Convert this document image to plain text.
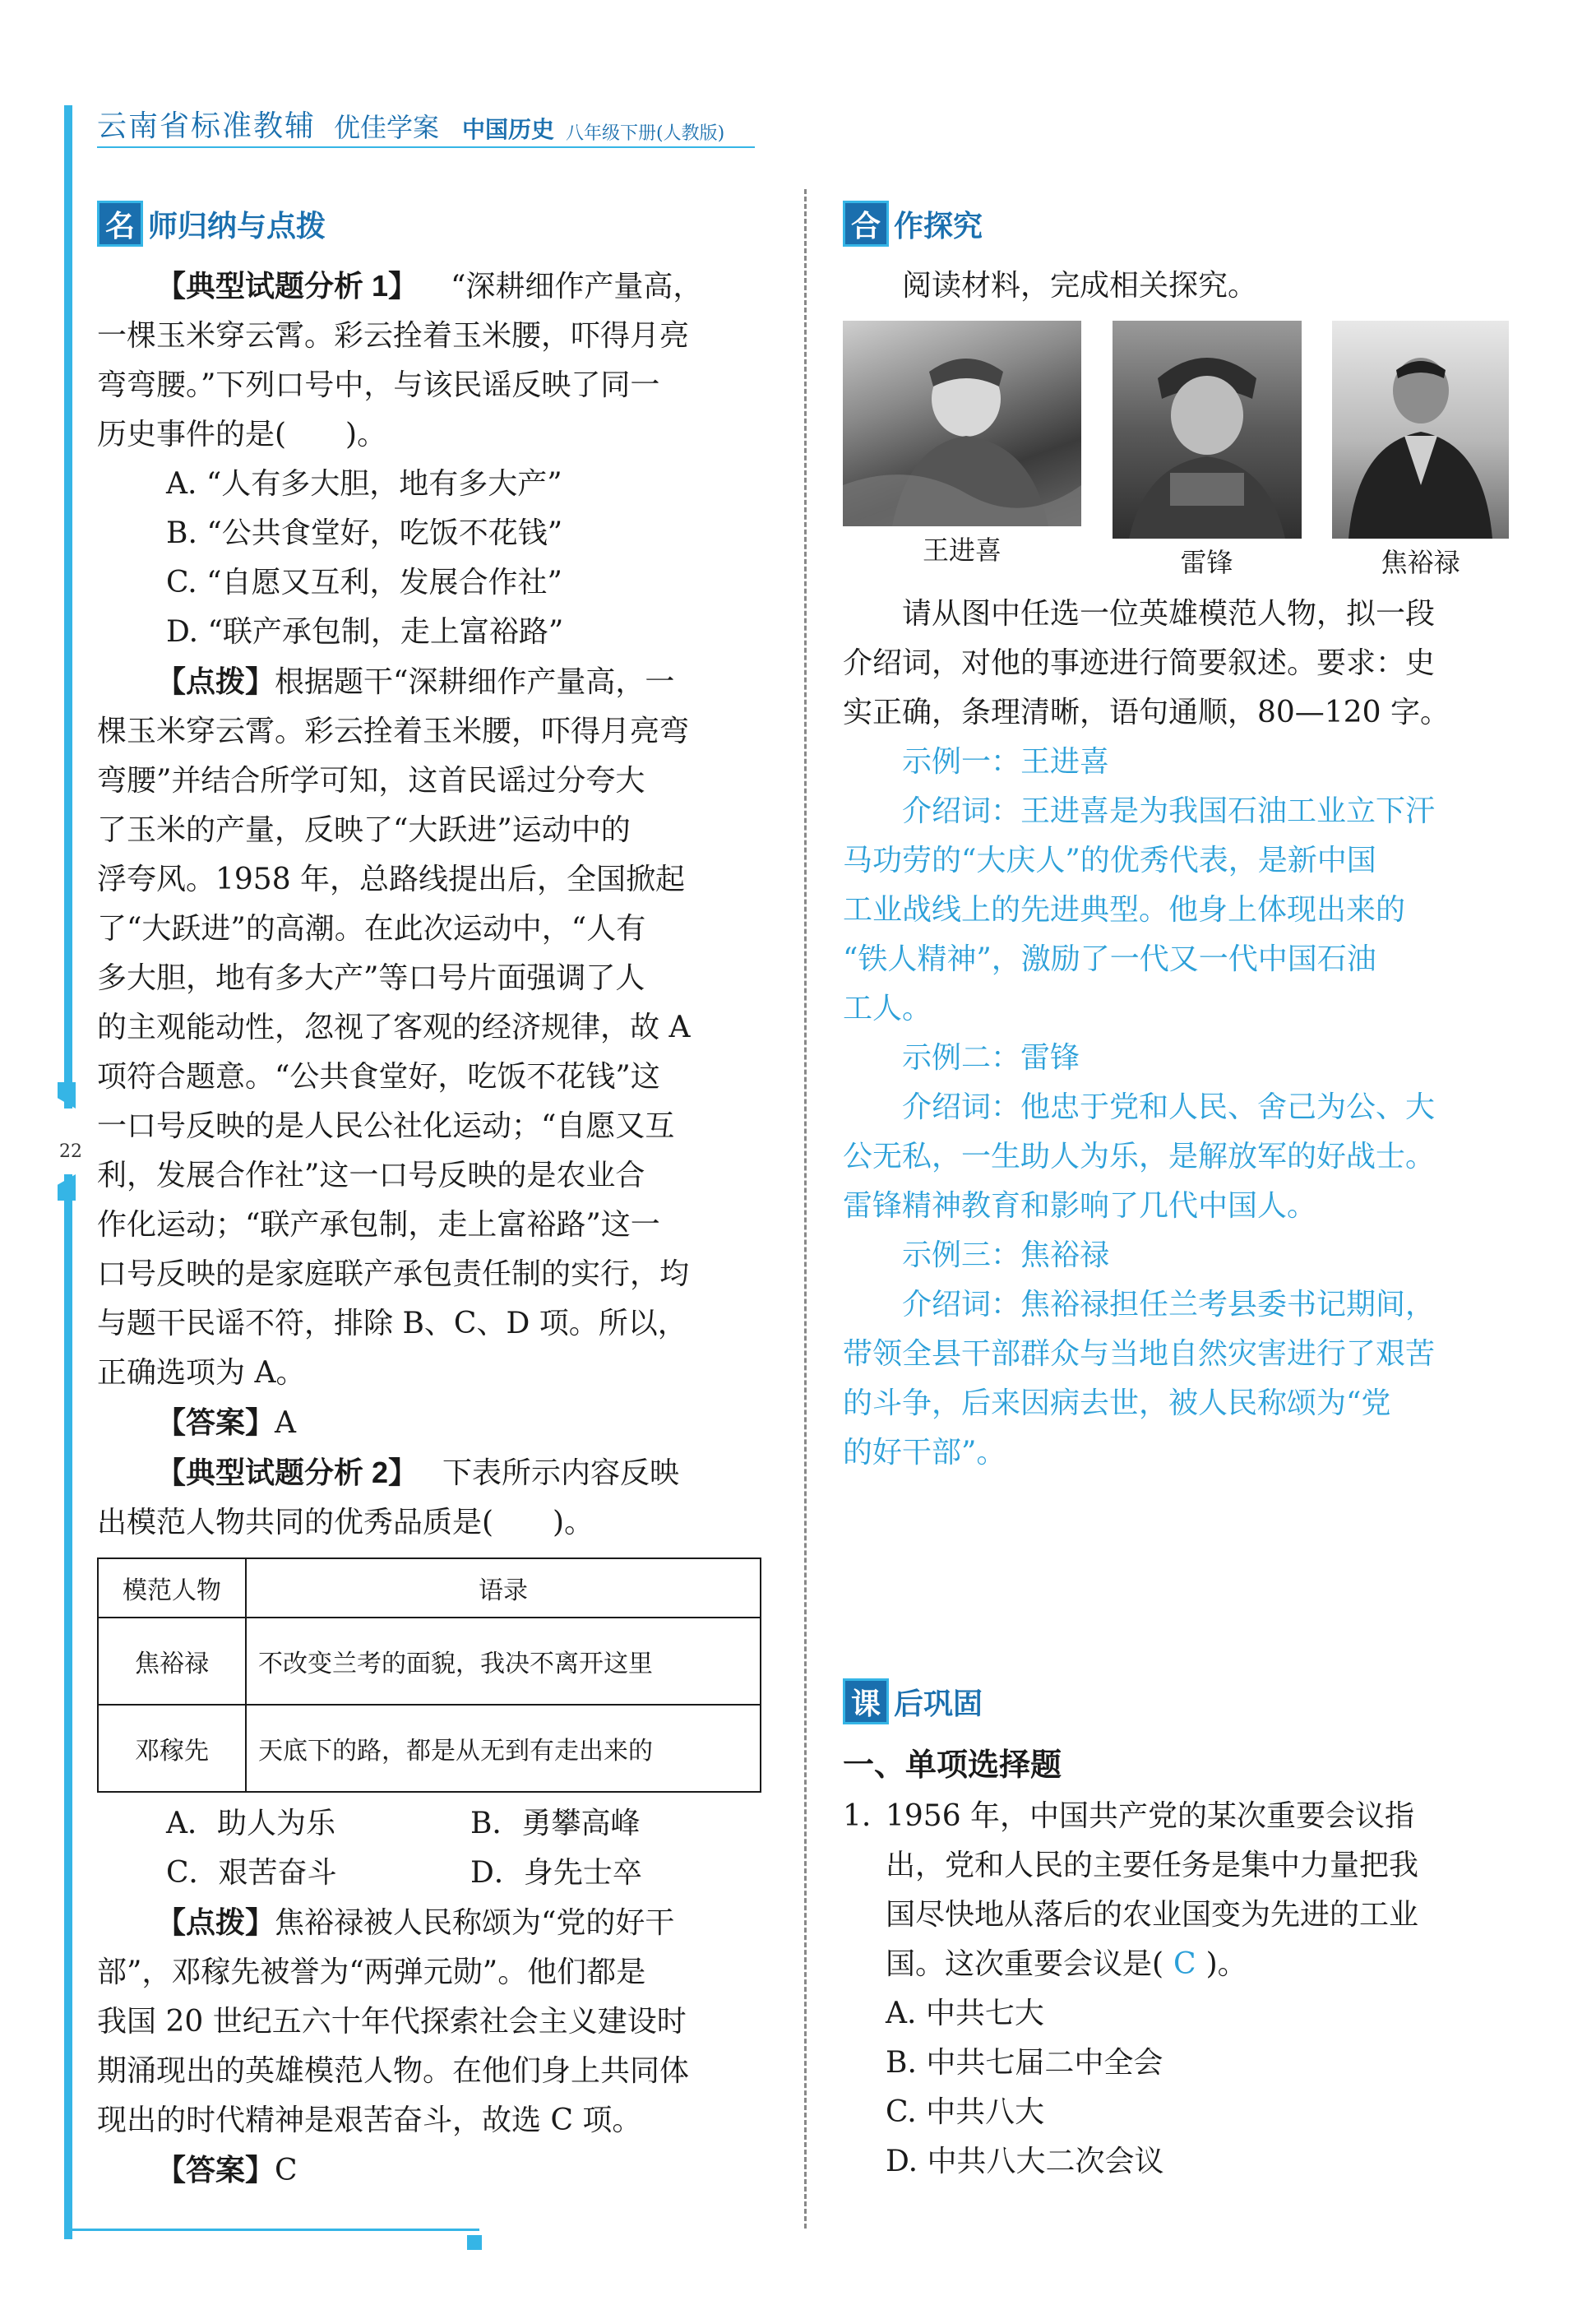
22
云南省标准教辅 优佳学案 中国历史 八年级下册(人教版)
名 师归纳与点拨

【典型试题分析 1】 “深耕细作产量高，

一棵玉米穿云霄。彩云拴着玉米腰，吓得月亮

弯弯腰。”下列口号中，与该民谣反映了同一

历史事件的是(　　)。

A. “人有多大胆，地有多大产”

B. “公共食堂好，吃饭不花钱”

C. “自愿又互利，发展合作社”

D. “联产承包制，走上富裕路”

【点拨】根据题干“深耕细作产量高，一

棵玉米穿云霄。彩云拴着玉米腰，吓得月亮弯

弯腰”并结合所学可知，这首民谣过分夸大

了玉米的产量，反映了“大跃进”运动中的

浮夸风。1958 年，总路线提出后，全国掀起

了“大跃进”的高潮。在此次运动中，“人有

多大胆，地有多大产”等口号片面强调了人

的主观能动性，忽视了客观的经济规律，故 A

项符合题意。“公共食堂好，吃饭不花钱”这

一口号反映的是人民公社化运动；“自愿又互

利，发展合作社”这一口号反映的是农业合

作化运动；“联产承包制，走上富裕路”这一

口号反映的是家庭联产承包责任制的实行，均

与题干民谣不符，排除 B、C、D 项。所以，

正确选项为 A。

【答案】A

【典型试题分析 2】 下表所示内容反映

出模范人物共同的优秀品质是(　　)。

模范人物	语录
焦裕禄	不改变兰考的面貌，我决不离开这里
邓稼先	天底下的路，都是从无到有走出来的
A．助人为乐	B．勇攀高峰
C．艰苦奋斗	D．身先士卒

【点拨】焦裕禄被人民称颂为“党的好干

部”，邓稼先被誉为“两弹元勋”。他们都是

我国 20 世纪五六十年代探索社会主义建设时

期涌现出的英雄模范人物。在他们身上共同体

现出的时代精神是艰苦奋斗，故选 C 项。

【答案】C

合 作探究

阅读材料，完成相关探究。

王进喜	雷锋	焦裕禄

请从图中任选一位英雄模范人物，拟一段

介绍词，对他的事迹进行简要叙述。要求：史

实正确，条理清晰，语句通顺，80—120 字。

示例一：王进喜

介绍词：王进喜是为我国石油工业立下汗

马功劳的“大庆人”的优秀代表，是新中国

工业战线上的先进典型。他身上体现出来的

“铁人精神”，激励了一代又一代中国石油

工人。

示例二：雷锋

介绍词：他忠于党和人民、舍己为公、大

公无私，一生助人为乐，是解放军的好战士。

雷锋精神教育和影响了几代中国人。

示例三：焦裕禄

介绍词：焦裕禄担任兰考县委书记期间，

带领全县干部群众与当地自然灾害进行了艰苦

的斗争，后来因病去世，被人民称颂为“党

的好干部”。

课 后巩固

一、单项选择题

1. 1956 年，中国共产党的某次重要会议指

出，党和人民的主要任务是集中力量把我

国尽快地从落后的农业国变为先进的工业

国。这次重要会议是( C )。

A. 中共七大

B. 中共七届二中全会

C. 中共八大

D. 中共八大二次会议
